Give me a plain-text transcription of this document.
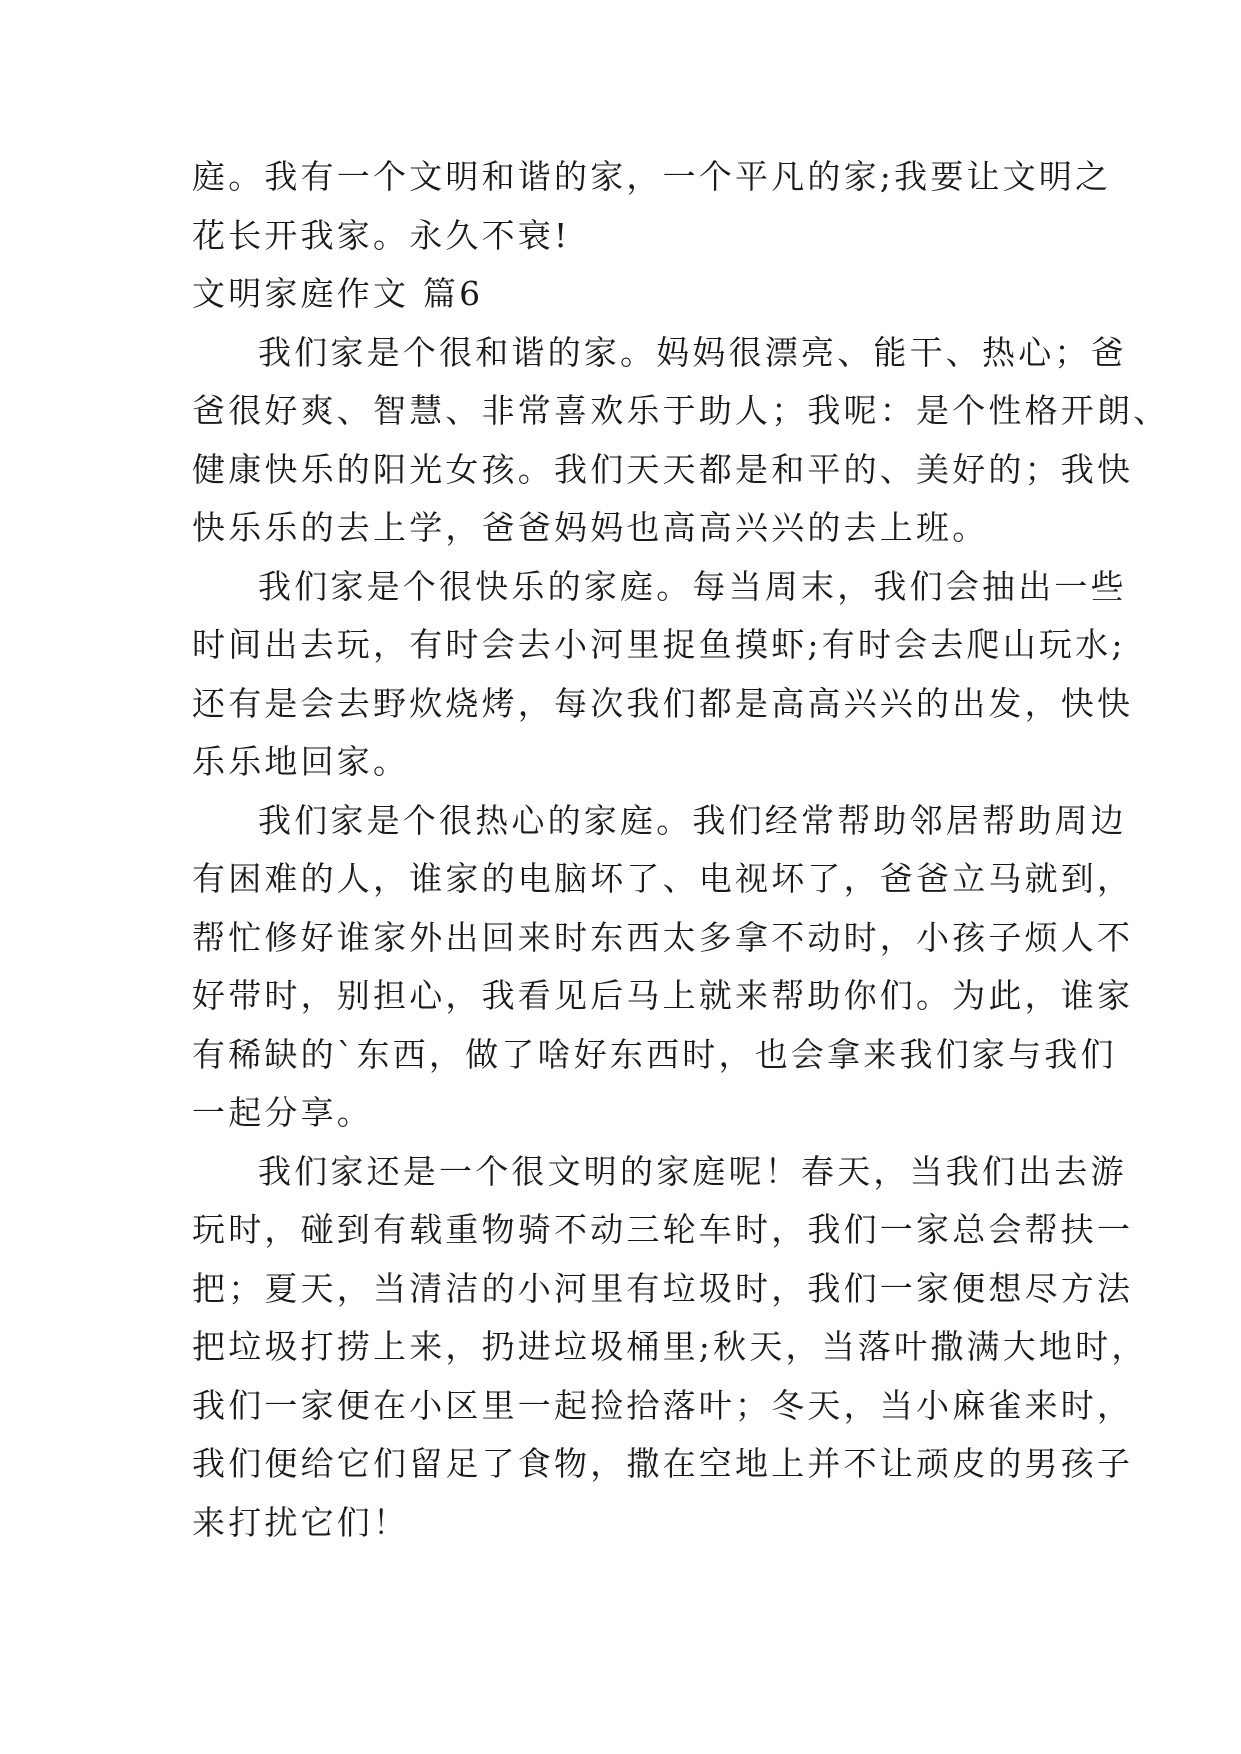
庭。我有一个文明和谐的家，一个平凡的家;我要让文明之
花长开我家。永久不衰!
文明家庭作文 篇6
我们家是个很和谐的家。妈妈很漂亮、能干、热心；爸
爸很好爽、智慧、非常喜欢乐于助人；我呢：是个性格开朗、
健康快乐的阳光女孩。我们天天都是和平的、美好的；我快
快乐乐的去上学，爸爸妈妈也高高兴兴的去上班。
我们家是个很快乐的家庭。每当周末，我们会抽出一些
时间出去玩，有时会去小河里捉鱼摸虾;有时会去爬山玩水;
还有是会去野炊烧烤，每次我们都是高高兴兴的出发，快快
乐乐地回家。
我们家是个很热心的家庭。我们经常帮助邻居帮助周边
有困难的人，谁家的电脑坏了、电视坏了，爸爸立马就到，
帮忙修好谁家外出回来时东西太多拿不动时，小孩子烦人不
好带时，别担心，我看见后马上就来帮助你们。为此，谁家
有稀缺的`东西，做了啥好东西时，也会拿来我们家与我们
一起分享。
我们家还是一个很文明的家庭呢！春天，当我们出去游
玩时，碰到有载重物骑不动三轮车时，我们一家总会帮扶一
把；夏天，当清洁的小河里有垃圾时，我们一家便想尽方法
把垃圾打捞上来，扔进垃圾桶里;秋天，当落叶撒满大地时，
我们一家便在小区里一起捡拾落叶；冬天，当小麻雀来时，
我们便给它们留足了食物，撒在空地上并不让顽皮的男孩子
来打扰它们！
